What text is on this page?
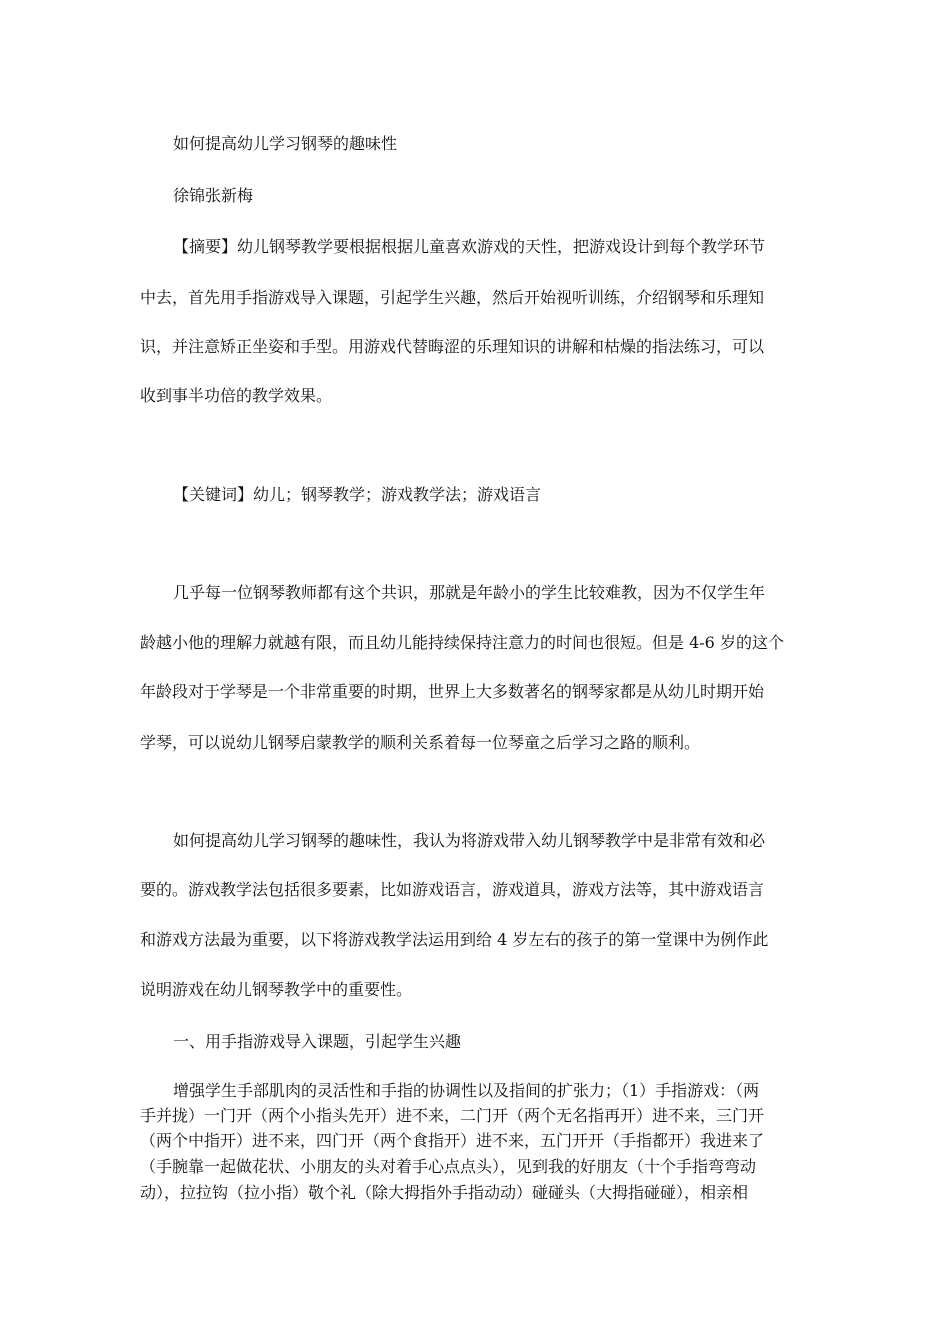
如何提高幼儿学习钢琴的趣味性
徐锦张新梅
【摘要】幼儿钢琴教学要根据根据儿童喜欢游戏的天性，把游戏设计到每个教学环节
中去，首先用手指游戏导入课题，引起学生兴趣，然后开始视听训练，介绍钢琴和乐理知
识，并注意矫正坐姿和手型。用游戏代替晦涩的乐理知识的讲解和枯燥的指法练习，可以
收到事半功倍的教学效果。
【关键词】幼儿；钢琴教学；游戏教学法；游戏语言
几乎每一位钢琴教师都有这个共识，那就是年龄小的学生比较难教，因为不仅学生年
龄越小他的理解力就越有限，而且幼儿能持续保持注意力的时间也很短。但是 4-6 岁的这个
年龄段对于学琴是一个非常重要的时期，世界上大多数著名的钢琴家都是从幼儿时期开始
学琴，可以说幼儿钢琴启蒙教学的顺利关系着每一位琴童之后学习之路的顺利。
如何提高幼儿学习钢琴的趣味性，我认为将游戏带入幼儿钢琴教学中是非常有效和必
要的。游戏教学法包括很多要素，比如游戏语言，游戏道具，游戏方法等，其中游戏语言
和游戏方法最为重要，以下将游戏教学法运用到给 4 岁左右的孩子的第一堂课中为例作此
说明游戏在幼儿钢琴教学中的重要性。
一、用手指游戏导入课题，引起学生兴趣
增强学生手部肌肉的灵活性和手指的协调性以及指间的扩张力；（1）手指游戏：（两
手并拢）一门开（两个小指头先开）进不来，二门开（两个无名指再开）进不来，三门开
（两个中指开）进不来，四门开（两个食指开）进不来，五门开开（手指都开）我进来了
（手腕靠一起做花状、小朋友的头对着手心点点头），见到我的好朋友（十个手指弯弯动
动），拉拉钩（拉小指）敬个礼（除大拇指外手指动动）碰碰头（大拇指碰碰），相亲相
